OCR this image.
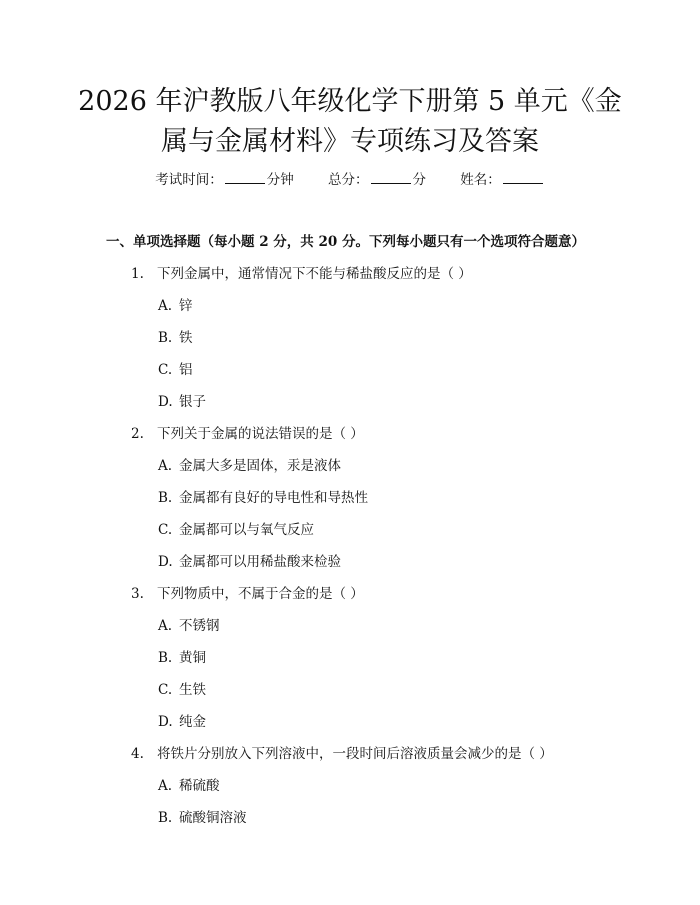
2026 年沪教版八年级化学下册第 5 单元《金
属与金属材料》专项练习及答案
考试时间：	分钟	总分：	分	姓名：
一、单项选择题（每小题 2 分，共 20 分。下列每小题只有一个选项符合题意）
1. 下列金属中，通常情况下不能与稀盐酸反应的是（ ）
A. 锌
B. 铁
C. 铝
D. 银子
2. 下列关于金属的说法错误的是（ ）
A. 金属大多是固体，汞是液体
B. 金属都有良好的导电性和导热性
C. 金属都可以与氧气反应
D. 金属都可以用稀盐酸来检验
3. 下列物质中，不属于合金的是（ ）
A. 不锈钢
B. 黄铜
C. 生铁
D. 纯金
4. 将铁片分别放入下列溶液中，一段时间后溶液质量会减少的是（ ）
A. 稀硫酸
B. 硫酸铜溶液
